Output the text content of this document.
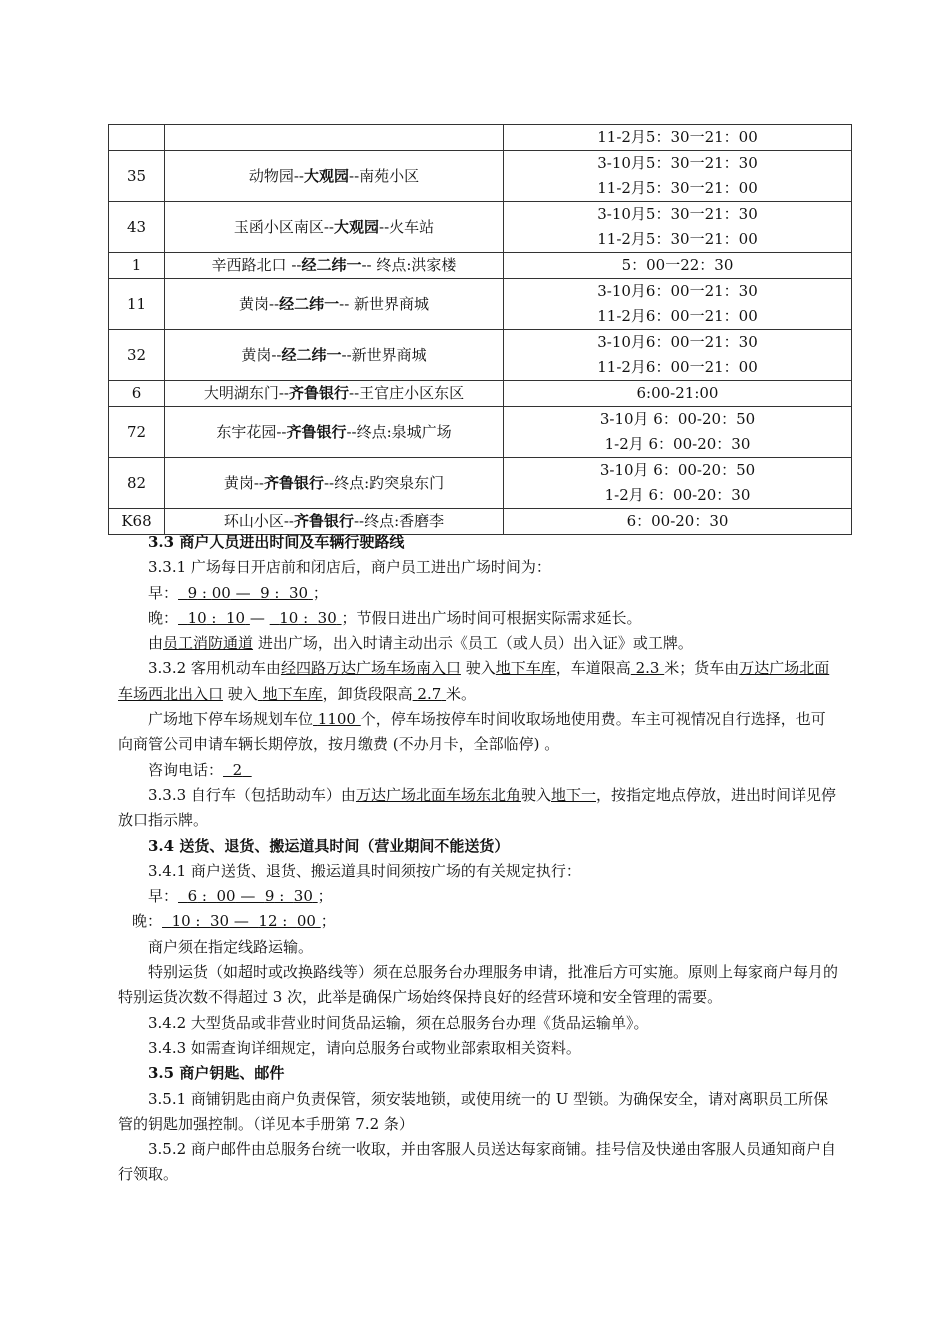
		11-2月5：30一21：00

35	动物园--大观园--南苑小区	3-10月5：30一21：30
11-2月5：30一21：00

43	玉函小区南区--大观园--火车站	3-10月5：30一21：30
11-2月5：30一21：00

1	辛西路北口 --经二纬一-- 终点:洪家楼	5：00一22：30

11	黄岗--经二纬一-- 新世界商城	3-10月6：00一21：30
11-2月6：00一21：00

32	黄岗--经二纬一--新世界商城	3-10月6：00一21：30
11-2月6：00一21：00

6	大明湖东门--齐鲁银行--王官庄小区东区	6:00-21:00

72	东宇花园--齐鲁银行--终点:泉城广场	3-10月 6：00-20：50
1-2月 6：00-20：30

82	黄岗--齐鲁银行--终点:趵突泉东门	3-10月 6：00-20：50
1-2月 6：00-20：30

K68	环山小区--齐鲁银行--终点:香磨李	6：00-20：30

3.3 商户人员进出时间及车辆行驶路线

3.3.1 广场每日开店前和闭店后，商户员工进出广场时间为：

早： 9 : 00 —  9 :  30 ；

晚： 10 :  10 —   10 :  30 ；节假日进出广场时间可根据实际需求延长。

由员工消防通道 进出广场，出入时请主动出示《员工（或人员）出入证》或工牌。

3.3.2 客用机动车由经四路万达广场车场南入口 驶入地下车库，车道限高 2.3 米；货车由万达广场北面车场西北出入口 驶入 地下车库，卸货段限高 2.7 米。

广场地下停车场规划车位 1100 个，停车场按停车时间收取场地使用费。车主可视情况自行选择，也可向商管公司申请车辆长期停放，按月缴费 (不办月卡，全部临停) 。

咨询电话： 2

3.3.3 自行车（包括助动车）由万达广场北面车场东北角驶入地下一，按指定地点停放，进出时间详见停放口指示牌。

3.4 送货、退货、搬运道具时间（营业期间不能送货）

3.4.1 商户送货、退货、搬运道具时间须按广场的有关规定执行：

早： 6 :  00 —  9 :  30 ；

晚： 10 :  30 —  12 :  00 ；

商户须在指定线路运输。

特别运货（如超时或改换路线等）须在总服务台办理服务申请，批准后方可实施。原则上每家商户每月的特别运货次数不得超过 3 次，此举是确保广场始终保持良好的经营环境和安全管理的需要。

3.4.2 大型货品或非营业时间货品运输，须在总服务台办理《货品运输单》。

3.4.3 如需查询详细规定，请向总服务台或物业部索取相关资料。

3.5 商户钥匙、邮件

3.5.1 商铺钥匙由商户负责保管，须安装地锁，或使用统一的 U 型锁。为确保安全，请对离职员工所保管的钥匙加强控制。（详见本手册第 7.2 条）

3.5.2 商户邮件由总服务台统一收取，并由客服人员送达每家商铺。挂号信及快递由客服人员通知商户自行领取。
